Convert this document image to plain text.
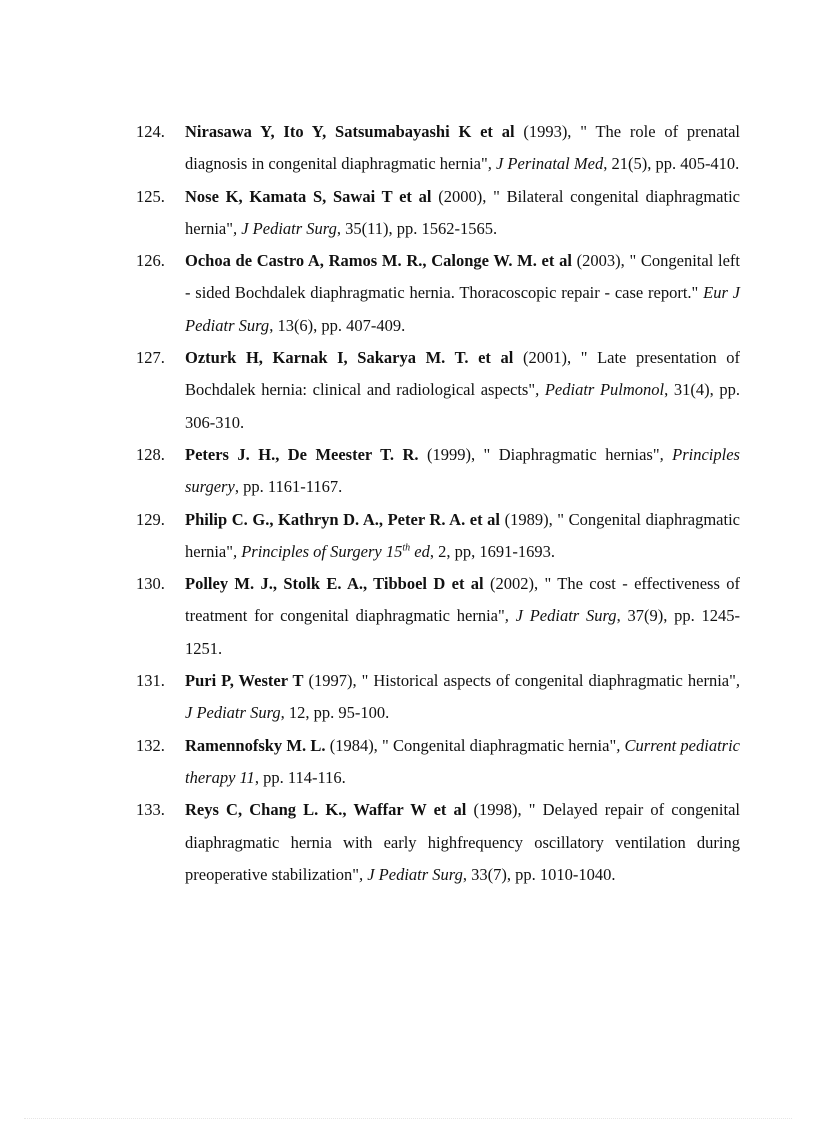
124.	Nirasawa Y, Ito Y, Satsumabayashi K et al (1993), " The role of prenatal diagnosis in congenital diaphragmatic hernia", J Perinatal Med, 21(5), pp. 405-410.
125.	Nose K, Kamata S, Sawai T et al (2000), " Bilateral congenital diaphragmatic hernia", J Pediatr Surg, 35(11), pp. 1562-1565.
126.	Ochoa de Castro A, Ramos M. R., Calonge W. M. et al (2003), " Congenital left - sided Bochdalek diaphragmatic hernia. Thoracoscopic repair - case report." Eur J Pediatr Surg, 13(6), pp. 407-409.
127.	Ozturk H, Karnak I, Sakarya M. T. et al (2001), " Late presentation of Bochdalek hernia: clinical and radiological aspects", Pediatr Pulmonol, 31(4), pp. 306-310.
128.	Peters J. H., De Meester T. R. (1999), " Diaphragmatic hernias", Principles surgery, pp. 1161-1167.
129.	Philip C. G., Kathryn D. A., Peter R. A. et al (1989), " Congenital diaphragmatic hernia", Principles of Surgery 15th ed, 2, pp, 1691-1693.
130.	Polley M. J., Stolk E. A., Tibboel D et al (2002), " The cost - effectiveness of treatment for congenital diaphragmatic hernia", J Pediatr Surg, 37(9), pp. 1245-1251.
131.	Puri P, Wester T (1997), " Historical aspects of congenital diaphragmatic hernia", J Pediatr Surg, 12, pp. 95-100.
132.	Ramennofsky M. L. (1984), " Congenital diaphragmatic hernia", Current pediatric therapy 11, pp. 114-116.
133.	Reys C, Chang L. K., Waffar W et al (1998), " Delayed repair of congenital diaphragmatic hernia with early highfrequency oscillatory ventilation during preoperative stabilization", J Pediatr Surg, 33(7), pp. 1010-1040.
